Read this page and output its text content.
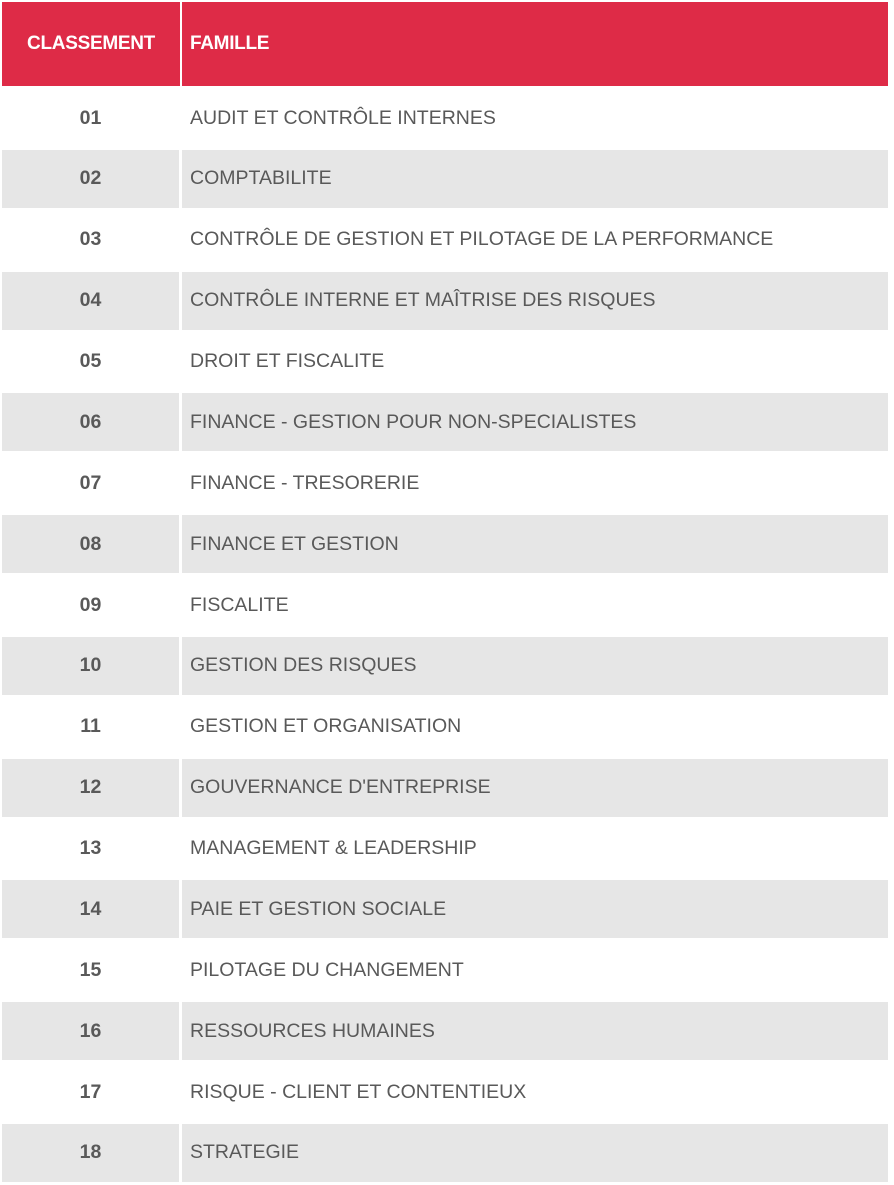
CLASSEMENT	FAMILLE
01	AUDIT ET CONTRÔLE INTERNES
02	COMPTABILITE
03	CONTRÔLE DE GESTION ET PILOTAGE DE LA PERFORMANCE
04	CONTRÔLE INTERNE ET MAÎTRISE DES RISQUES
05	DROIT ET FISCALITE
06	FINANCE - GESTION POUR NON-SPECIALISTES
07	FINANCE - TRESORERIE
08	FINANCE ET GESTION
09	FISCALITE
10	GESTION DES RISQUES
11	GESTION ET ORGANISATION
12	GOUVERNANCE D'ENTREPRISE
13	MANAGEMENT & LEADERSHIP
14	PAIE ET GESTION SOCIALE
15	PILOTAGE DU CHANGEMENT
16	RESSOURCES HUMAINES
17	RISQUE - CLIENT ET CONTENTIEUX
18	STRATEGIE
